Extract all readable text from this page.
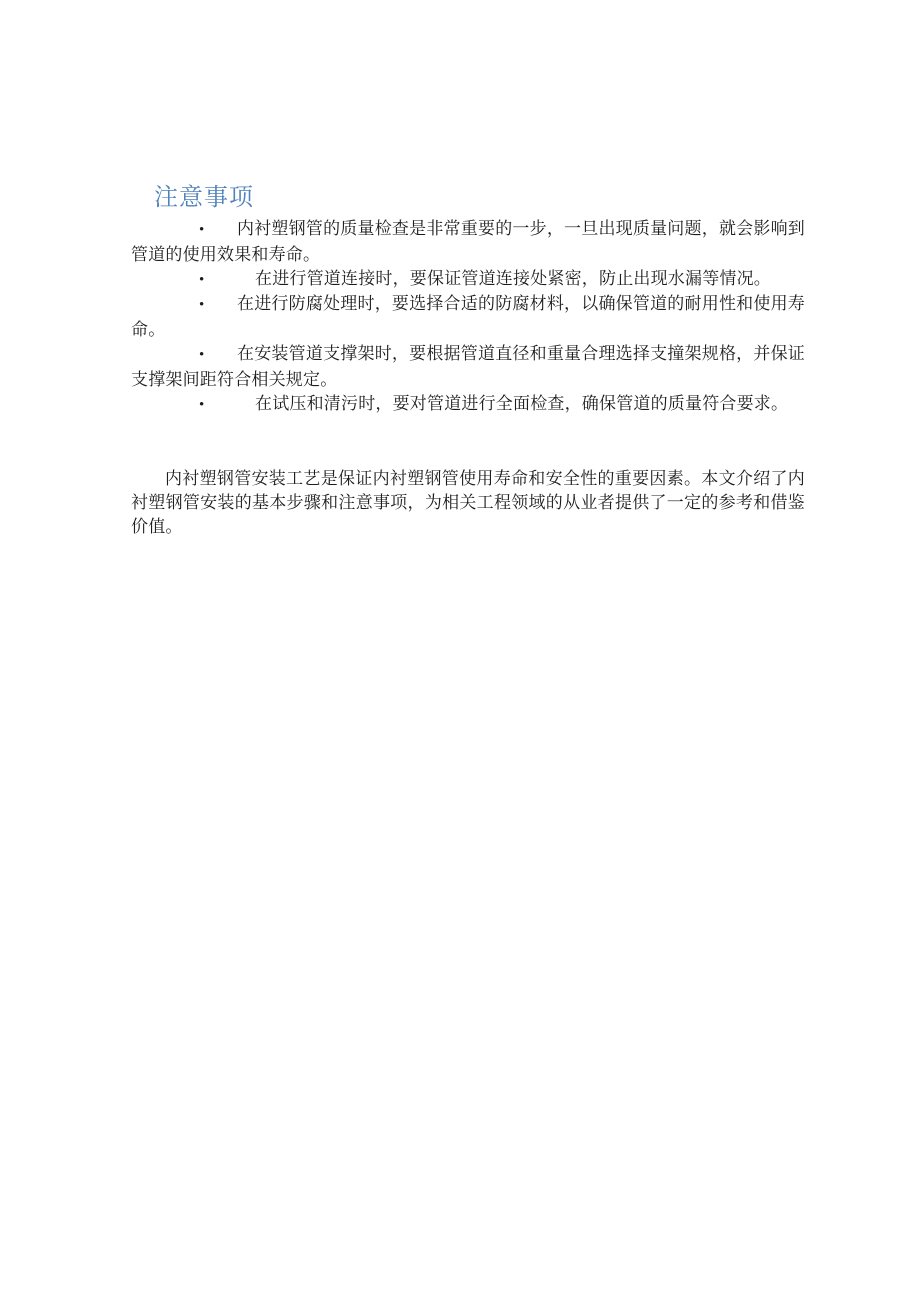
注意事项

• 内衬塑钢管的质量检查是非常重要的一步，一旦出现质量问题，就会影响到管道的使用效果和寿命。

•	在进行管道连接时，要保证管道连接处紧密，防止出现水漏等情况。

• 在进行防腐处理时，要选择合适的防腐材料，以确保管道的耐用性和使用寿命。

• 在安装管道支撑架时，要根据管道直径和重量合理选择支撞架规格，并保证支撑架间距符合相关规定。

•	在试压和清污时，要对管道进行全面检查，确保管道的质量符合要求。

内衬塑钢管安装工艺是保证内衬塑钢管使用寿命和安全性的重要因素。本文介绍了内衬塑钢管安装的基本步骤和注意事项，为相关工程领域的从业者提供了一定的参考和借鉴价值。
